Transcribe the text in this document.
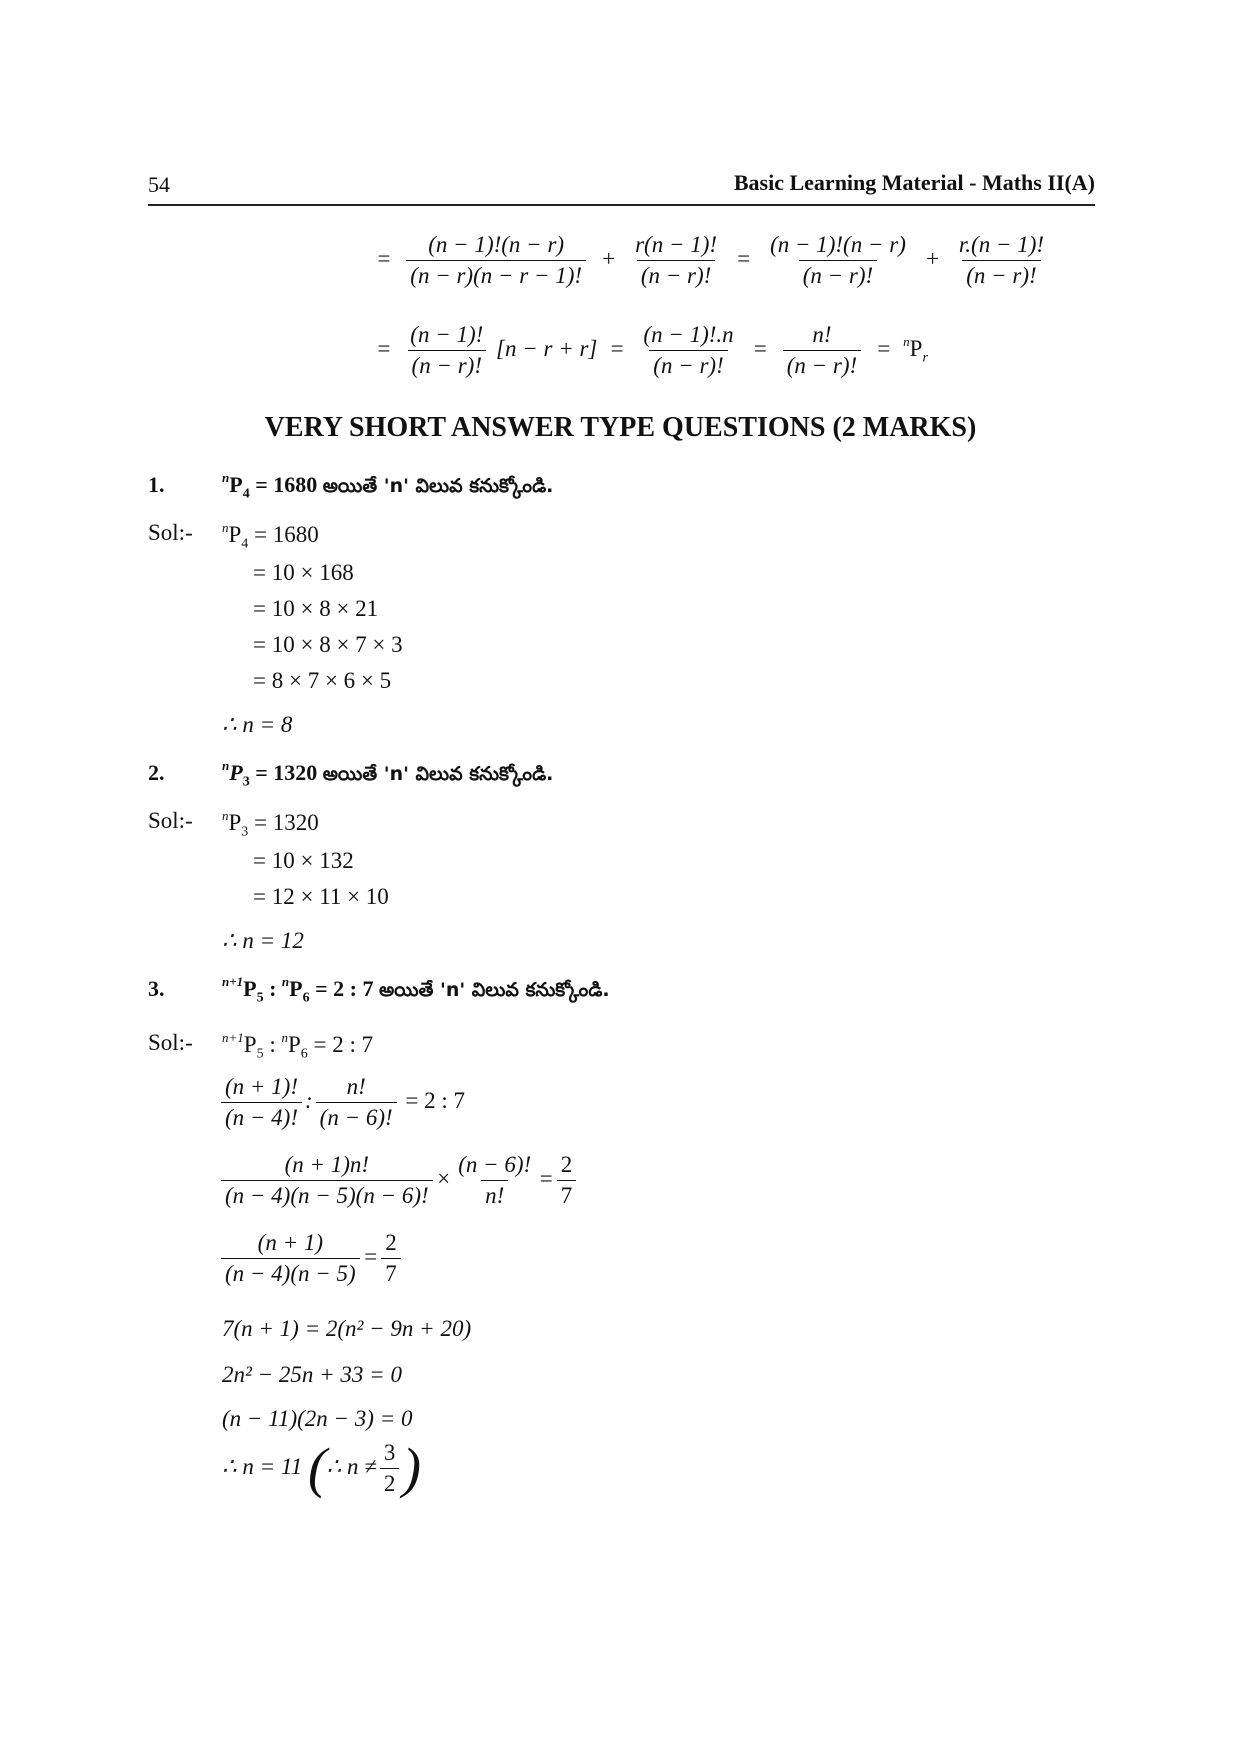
54	Basic Learning Material - Maths II(A)
= $\frac{(n - 1)!(n - r)}{(n - r)(n - r - 1)!} + \frac{r(n - 1)!}{(n - r)!} = \frac{(n - 1)!(n - r)}{(n - r)!} + \frac{r.(n - 1)!}{(n - r)!}$
= $\frac{(n - 1)!}{(n - r)!} [n - r + r] = \frac{(n - 1)!.n}{(n - r)!} = \frac{n!}{(n - r)!} = ^nP_r$
VERY SHORT ANSWER TYPE QUESTIONS (2 MARKS)
1.	$^nP_4 = 1680$ అయితే 'n' విలువ కనుక్కోండి.
Sol:- $^nP_4 = 1680$
= 10 × 168
= 10 × 8 × 21
= 10 × 8 × 7 × 3
= 8 × 7 × 6 × 5
∴ n = 8
2.	$^nP_3 = 1320$ అయితే 'n' విలువ కనుక్కోండి.
Sol:- $^nP_3 = 1320$
= 10 × 132
= 12 × 11 × 10
∴ n = 12
3.	$^{n+1}P_5$ : $^nP_6 = 2$ : 7 అయితే 'n' విలువ కనుక్కోండి.
Sol:- $^{n+1}P_5$ : $^nP_6 = 2$ : 7
$\frac{(n + 1)!}{(n - 4)!}$ : $\frac{n!}{(n - 6)!} = 2$ : 7
$\frac{(n + 1)n!}{(n - 4)(n - 5)(n - 6)!} \times \frac{(n - 6)!}{n!} = \frac{2}{7}$
$\frac{(n + 1)}{(n - 4)(n - 5)} = \frac{2}{7}$
7(n + 1) = 2(n² − 9n + 20)
2n² − 25n + 33 = 0
(n − 11)(2n − 3) = 0
∴ n = 11 (∴ $n \ne \frac{3}{2}$ )
